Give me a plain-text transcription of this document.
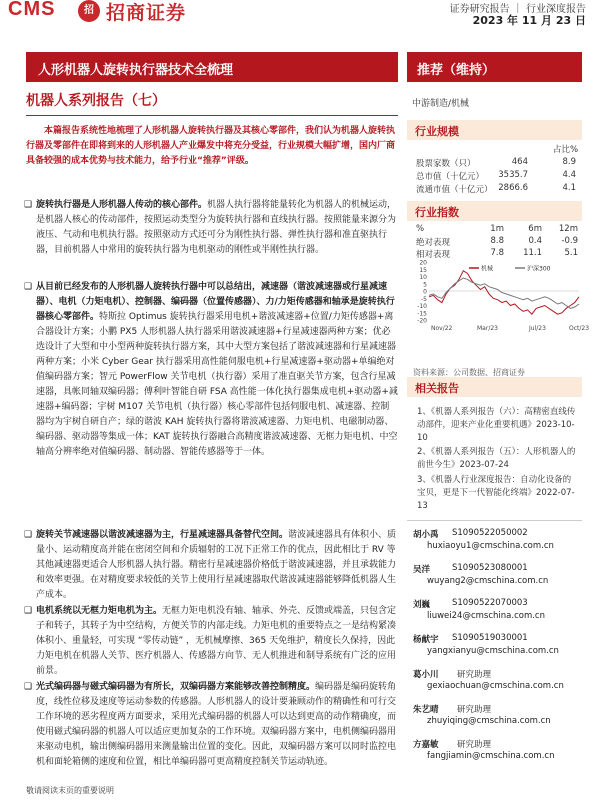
CMS	招 招商证券	证券研究报告 ｜ 行业深度报告
2023 年 11 月 23 日
人形机器人旋转执行器技术全梳理	推荐（维持）
机器人系列报告（七）

本篇报告系统性地梳理了人形机器人旋转执行器及其核心零部件，我们认为机器人旋转执行器及零部件在即将到来的人形机器人产业爆发中将充分受益，行业规模大幅扩增，国内厂商具备较强的成本优势与技术能力，给予行业“推荐”评级。

❑ 旋转执行器是人形机器人传动的核心部件。机器人执行器将能量转化为机器人的机械运动，是机器人核心的传动部件，按照运动类型分为旋转执行器和直线执行器。按照能量来源分为液压、气动和电机执行器。按照驱动方式还可分为刚性执行器、弹性执行器和准直驱执行器，目前机器人中常用的旋转执行器为电机驱动的刚性或半刚性执行器。
❑ 从目前已经发布的人形机器人旋转执行器中可以总结出，减速器（谐波减速器或行星减速器）、电机（力矩电机）、控制器、编码器（位置传感器）、力/力矩传感器和轴承是旋转执行器核心零部件。特斯拉 Optimus 旋转执行器采用电机+谐波减速器+位置/力矩传感器+离合器设计方案；小鹏 PX5 人形机器人执行器采用谐波减速器+行星减速器两种方案；优必选设计了大型和中小型两种旋转执行器方案，其中大型方案包括了谐波减速器和行星减速器两种方案；小米 Cyber Gear 执行器采用高性能伺服电机+行星减速器+驱动器+单编绝对值编码器方案；智元 PowerFlow 关节电机（执行器）采用了准直驱关节方案，包含行星减速器，具帐同轴双编码器；傅利叶智能自研 FSA 高性能一体化执行器集成电机+驱动器+减速器+编码器；宇树 M107 关节电机（执行器）核心零部件包括伺服电机、减速器、控制器均为宇树自研自产；绿的谐波 KAH 旋转执行器将谐波减速器、力矩电机、电磁制动器、编码器、驱动器等集成一体；KAT 旋转执行器融合高精度谐波减速器、无框力矩电机、中空轴高分辨率绝对值编码器、制动器、智能传感器等于一体。
❑ 旋转关节减速器以谐波减速器为主，行星减速器具备替代空间。谐波减速器具有体积小、质量小、运动精度高并能在密闭空间和介质辐射的工况下正常工作的优点，因此相比于 RV 等其他减速器更适合人形机器人执行器。精密行星减速器价格低于谐波减速器，并且承载能力和效率更强。在对精度要求较低的关节上使用行星减速器取代谐波减速器能够降低机器人生产成本。
❑ 电机系统以无框力矩电机为主。无框力矩电机没有轴、轴承、外壳、反馈或端盖，只包含定子和转子，其转子为中空结构，方便关节的内部走线。力矩电机的重要特点之一是结构紧凑体积小、重量轻，可实现 “零传动链” ，无机械摩擦、365 天免维护，精度长久保持，因此力矩电机在机器人关节、医疗机器人、传感器方向节、无人机推进和制导系统有广泛的应用前景。
❑ 光式编码器与磁式编码器为有所长，双编码器方案能够改善控制精度。编码器是编码旋转角度，线性位移及速度等运动参数的传感器。人形机器人的设计要兼顾动作的精确性和可行交工作环境的恶劣程度两方面要求，采用光式编码器的机器人可以达到更高的动作精确度，而使用磁式编码器的机器人可以适应更加复杂的工作环境。双编码器方案中，电机侧编码器用来驱动电机，输出侧编码器用来测量输出位置的变化。因此，双编码器方案可以同时监控电机和面轮箱侧的速度和位置，相比单编码器可更高精度控制关节运动轨迹。
中游制造/机械
行业规模
占比%
股票家数（只）	464	8.9
总市值（十亿元） 3535.7	4.4
流通市值（十亿元） 2866.6	4.1
行业指数
%	1m	6m	12m
绝对表现	8.8	0.4	-0.9
相对表现	7.8	11.1	5.1
20
15
10
5
0
-5
-10
-15
-20
机械	沪深300
Nov/22	Mar/23	Jul/23	Oct/23
资料来源：公司数据、招商证券
相关报告
1、《机器人系列报告（六）：高精密直线传动部件，迎来产业化重要机遇》2023-10-10
2、《机器人系列报告（五）：人形机器人的前世今生》2023-07-24
3、《机器人行业深度报告：自动化设备的宝贝，更是下一代智能化终端》2022-07-13
胡小禹 S1090522050002
huxiaoyu1@cmschina.com.cn
吴洋	S1090523080001
wuyang2@cmschina.com.cn
刘巍	S1090522070003
liuwei24@cmschina.com.cn
杨献宇 S1090519030001
yangxianyu@cmschina.com.cn
葛小川 研究助理
gexiaochuan@cmschina.com.cn
朱艺晴 研究助理
zhuyiqing@cmschina.com.cn
方嘉敏 研究助理
fangjiamin@cmschina.com.cn
敬请阅读末页的重要说明
